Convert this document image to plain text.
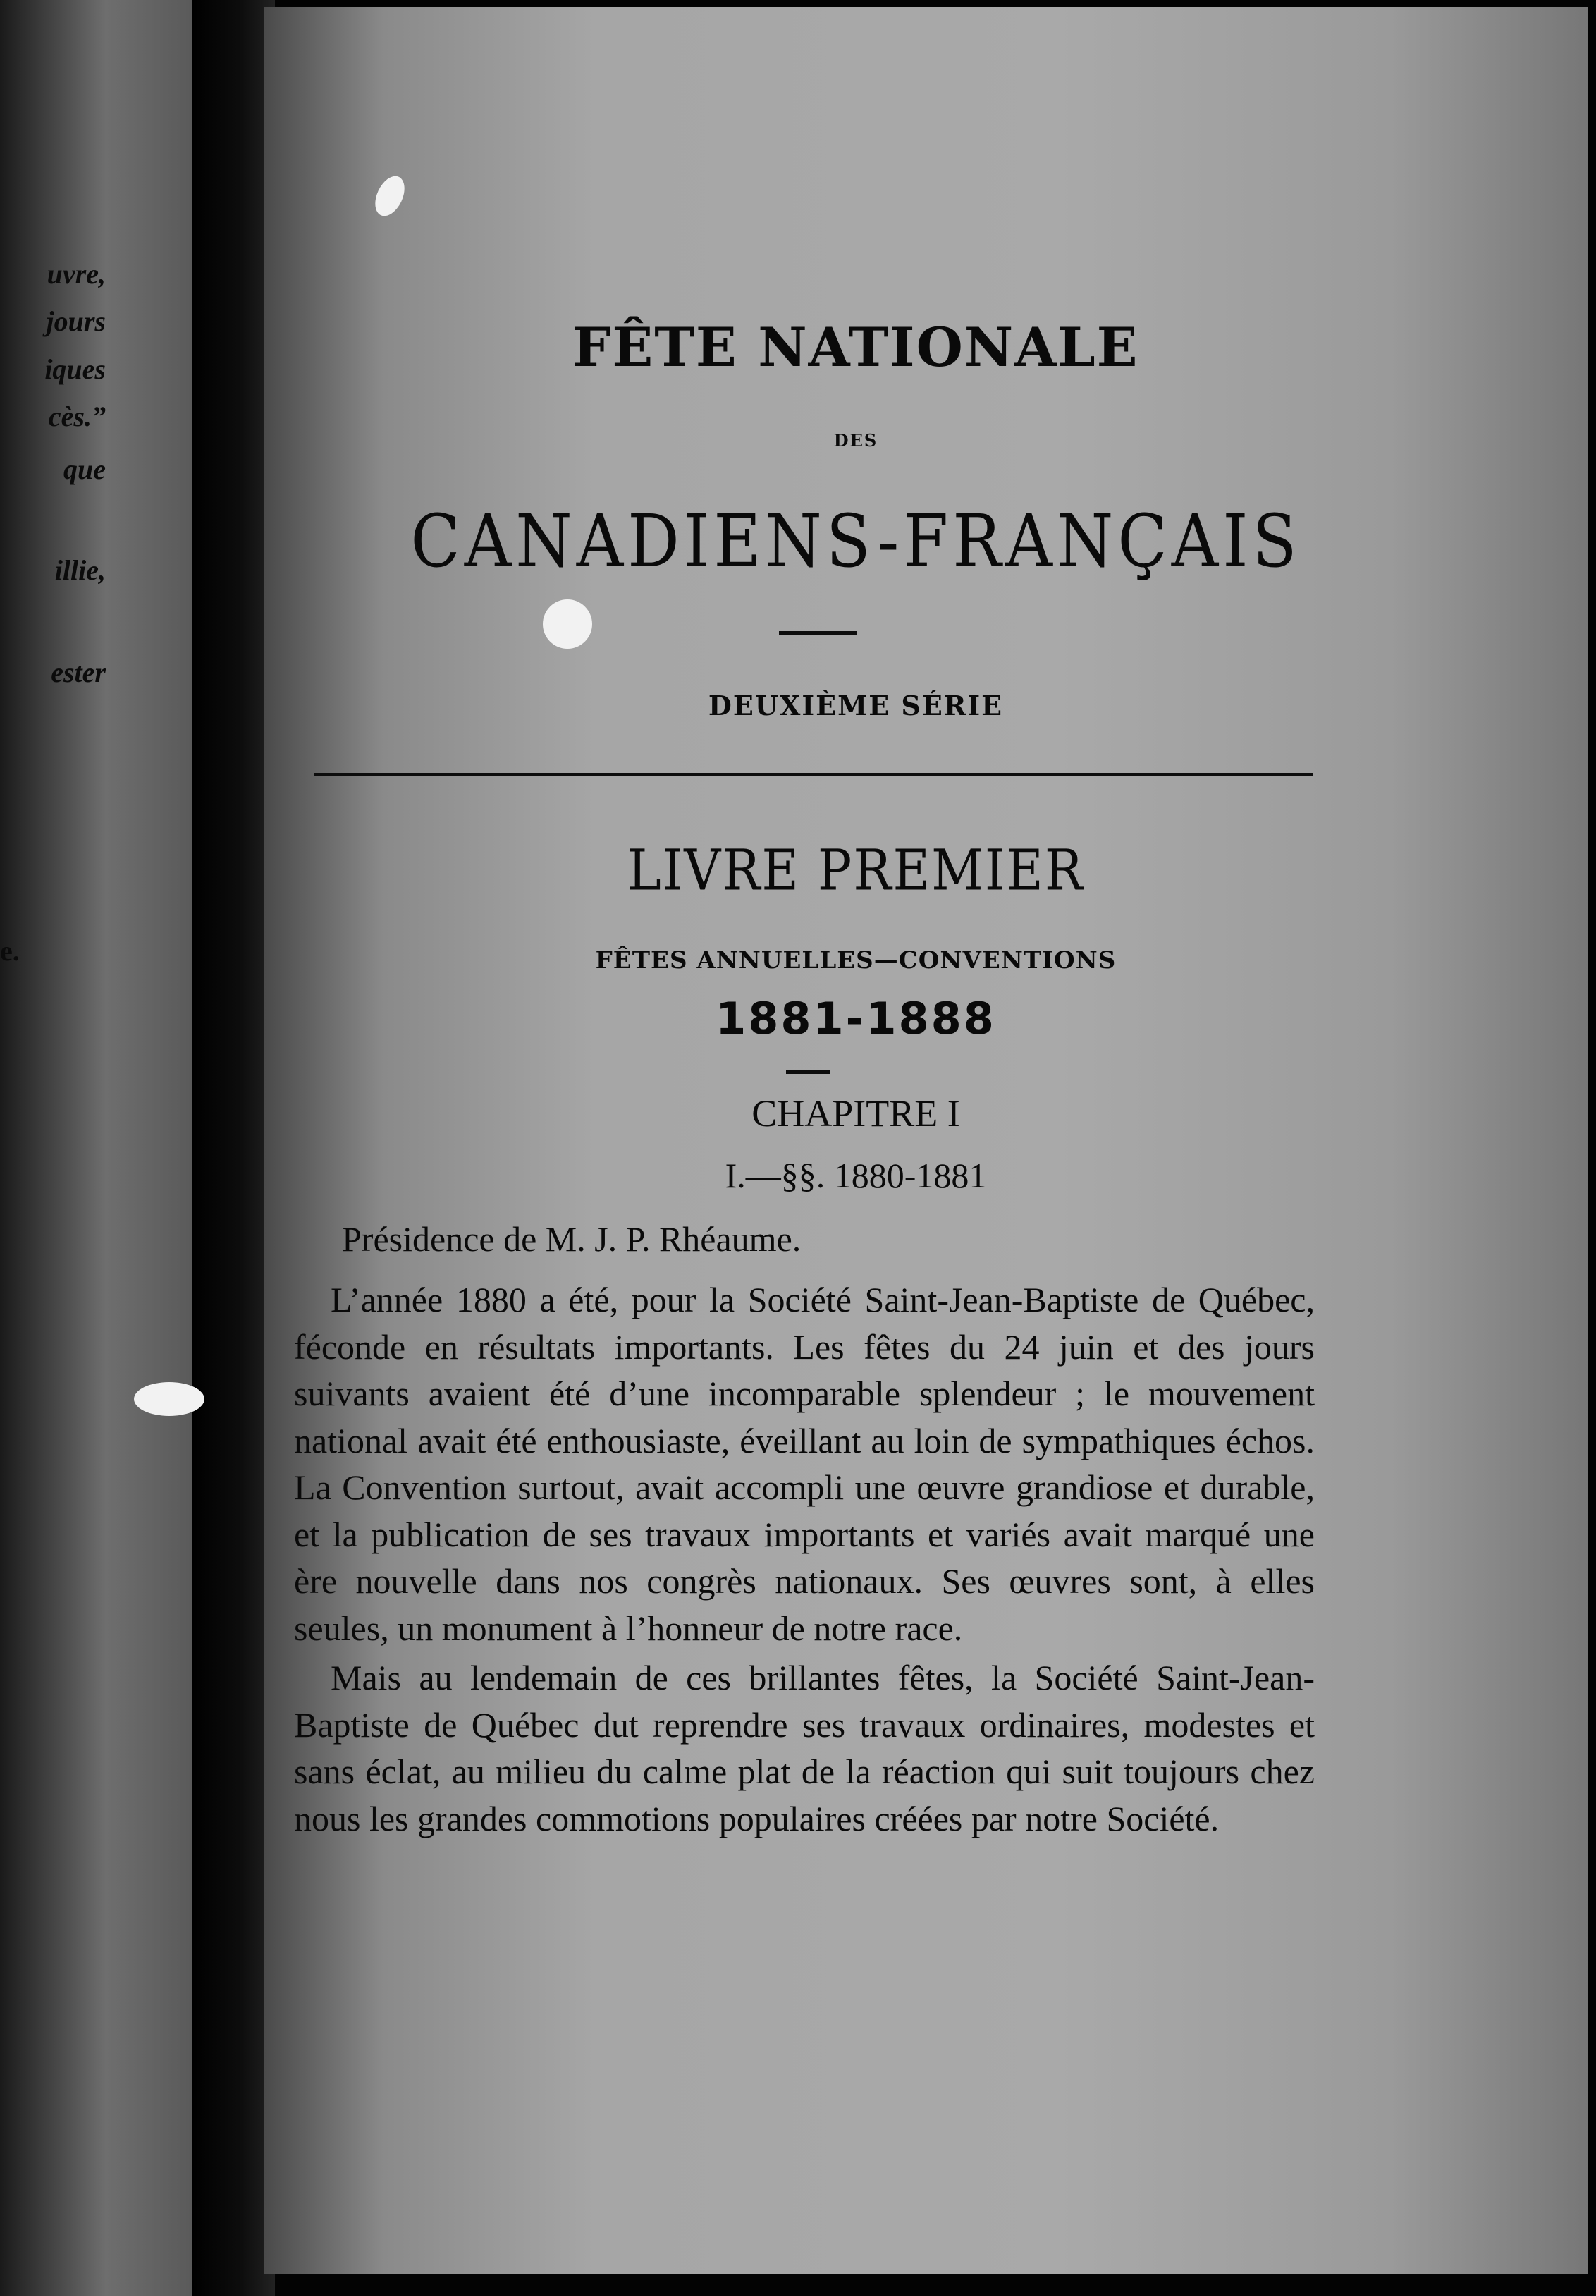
uvre,
jours
iques
cès.”
que
illie,
ester
e.
FÊTE NATIONALE
DES
CANADIENS-FRANÇAIS
DEUXIÈME SÉRIE
LIVRE PREMIER
FÊTES ANNUELLES—CONVENTIONS
1881-1888
CHAPITRE I
I.—§§. 1880-1881
Présidence de M. J. P. Rhéaume.

L’année 1880 a été, pour la Société Saint-Jean-Baptiste de Québec, féconde en résultats importants. Les fêtes du 24 juin et des jours suivants avaient été d’une incomparable splendeur ; le mouvement national avait été enthousiaste, éveillant au loin de sympathiques échos. La Convention surtout, avait accompli une œuvre grandiose et durable, et la publication de ses travaux importants et variés avait marqué une ère nouvelle dans nos congrès nationaux. Ses œuvres sont, à elles seules, un monument à l’honneur de notre race.

Mais au lendemain de ces brillantes fêtes, la Société Saint-Jean-Baptiste de Québec dut reprendre ses travaux ordinaires, modestes et sans éclat, au milieu du calme plat de la réaction qui suit toujours chez nous les grandes commotions populaires créées par notre Société.
